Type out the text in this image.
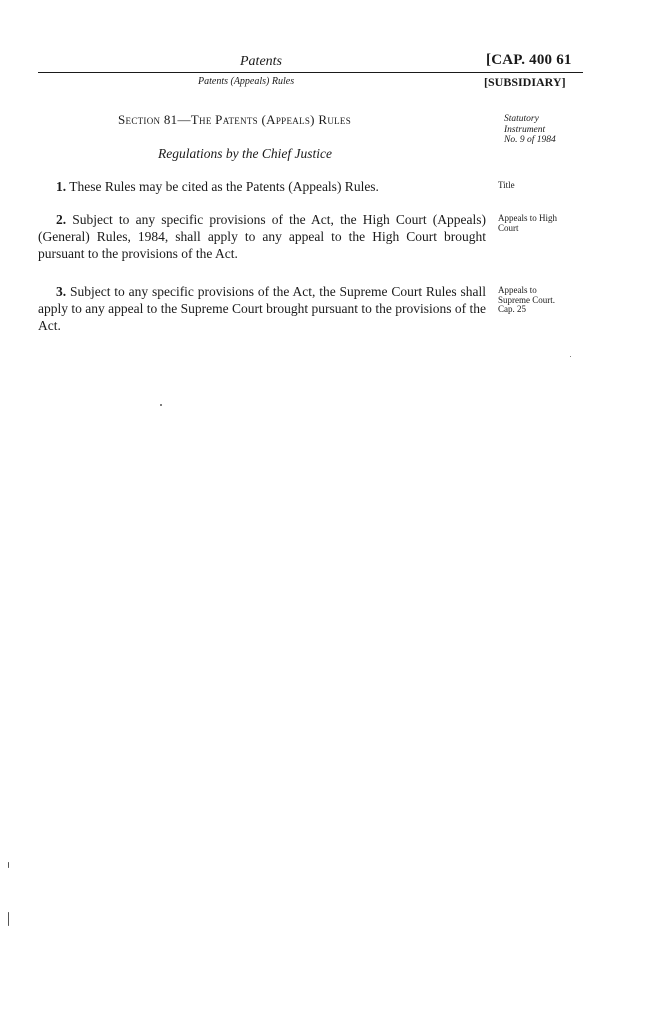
Patents	[CAP. 400 61
Patents (Appeals) Rules	[SUBSIDIARY]
Section 81—The Patents (Appeals) Rules
Regulations by the Chief Justice
Statutory
Instrument
No. 9 of 1984
1. These Rules may be cited as the Patents (Appeals) Rules.	Title
2. Subject to any specific provisions of the Act, the High Court (Appeals) (General) Rules, 1984, shall apply to any appeal to the High Court brought pursuant to the provisions of the Act.
Appeals to High Court
3. Subject to any specific provisions of the Act, the Supreme Court Rules shall apply to any appeal to the Supreme Court brought pursuant to the provisions of the Act.
Appeals to Supreme Court. Cap. 25
